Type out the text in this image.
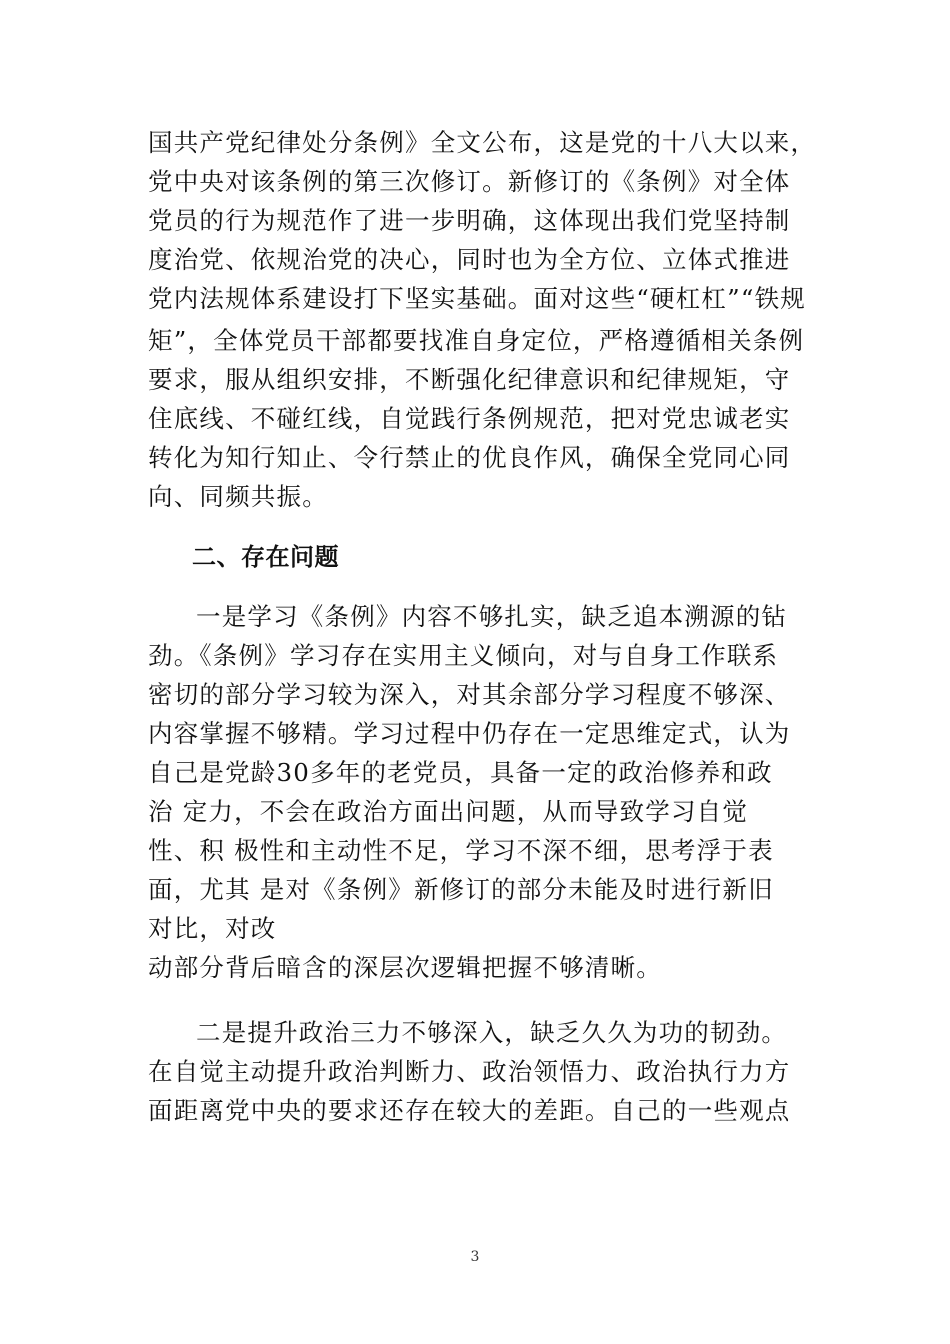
国共产党纪律处分条例》全文公布，这是党的十八大以来，
党中央对该条例的第三次修订。新修订的《条例》对全体
党员的行为规范作了进一步明确，这体现出我们党坚持制
度治党、依规治党的决心，同时也为全方位、立体式推进
党内法规体系建设打下坚实基础。面对这些“硬杠杠”“铁规
矩”，全体党员干部都要找准自身定位，严格遵循相关条例
要求，服从组织安排，不断强化纪律意识和纪律规矩，守
住底线、不碰红线，自觉践行条例规范，把对党忠诚老实
转化为知行知止、令行禁止的优良作风，确保全党同心同
向、同频共振。
二、存在问题
一是学习《条例》内容不够扎实，缺乏追本溯源的钻
劲。《条例》学习存在实用主义倾向，对与自身工作联系
密切的部分学习较为深入，对其余部分学习程度不够深、
内容掌握不够精。学习过程中仍存在一定思维定式，认为
自己是党龄30多年的老党员，具备一定的政治修养和政
治 定力，不会在政治方面出问题，从而导致学习自觉
性、积 极性和主动性不足，学习不深不细，思考浮于表
面，尤其 是对《条例》新修订的部分未能及时进行新旧
对比，对改
动部分背后暗含的深层次逻辑把握不够清晰。
二是提升政治三力不够深入，缺乏久久为功的韧劲。
在自觉主动提升政治判断力、政治领悟力、政治执行力方
面距离党中央的要求还存在较大的差距。自己的一些观点
3
